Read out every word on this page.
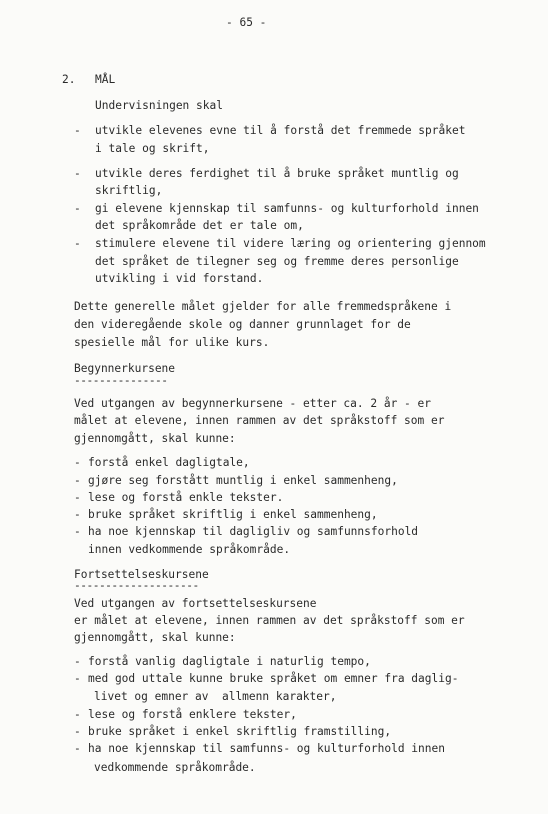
- 65 -
2. MÅL
Undervisningen skal
- utvikle elevenes evne til å forstå det fremmede språket
i tale og skrift,
- utvikle deres ferdighet til å bruke språket muntlig og
skriftlig,
- gi elevene kjennskap til samfunns- og kulturforhold innen
det språkområde det er tale om,
- stimulere elevene til videre læring og orientering gjennom
det språket de tilegner seg og fremme deres personlige
utvikling i vid forstand.
Dette generelle målet gjelder for alle fremmedspråkene i
den videregående skole og danner grunnlaget for de
spesielle mål for ulike kurs.
Begynnerkursene
---------------
Ved utgangen av begynnerkursene - etter ca. 2 år - er
målet at elevene, innen rammen av det språkstoff som er
gjennomgått, skal kunne:
- forstå enkel dagligtale,
- gjøre seg forstått muntlig i enkel sammenheng,
- lese og forstå enkle tekster.
- bruke språket skriftlig i enkel sammenheng,
- ha noe kjennskap til dagligliv og samfunnsforhold
innen vedkommende språkområde.
Fortsettelseskursene
--------------------
Ved utgangen av fortsettelseskursene
er målet at elevene, innen rammen av det språkstoff som er
gjennomgått, skal kunne:
- forstå vanlig dagligtale i naturlig tempo,
- med god uttale kunne bruke språket om emner fra daglig-
livet og emner av  allmenn karakter,
- lese og forstå enklere tekster,
- bruke språket i enkel skriftlig framstilling,
- ha noe kjennskap til samfunns- og kulturforhold innen
vedkommende språkområde.
